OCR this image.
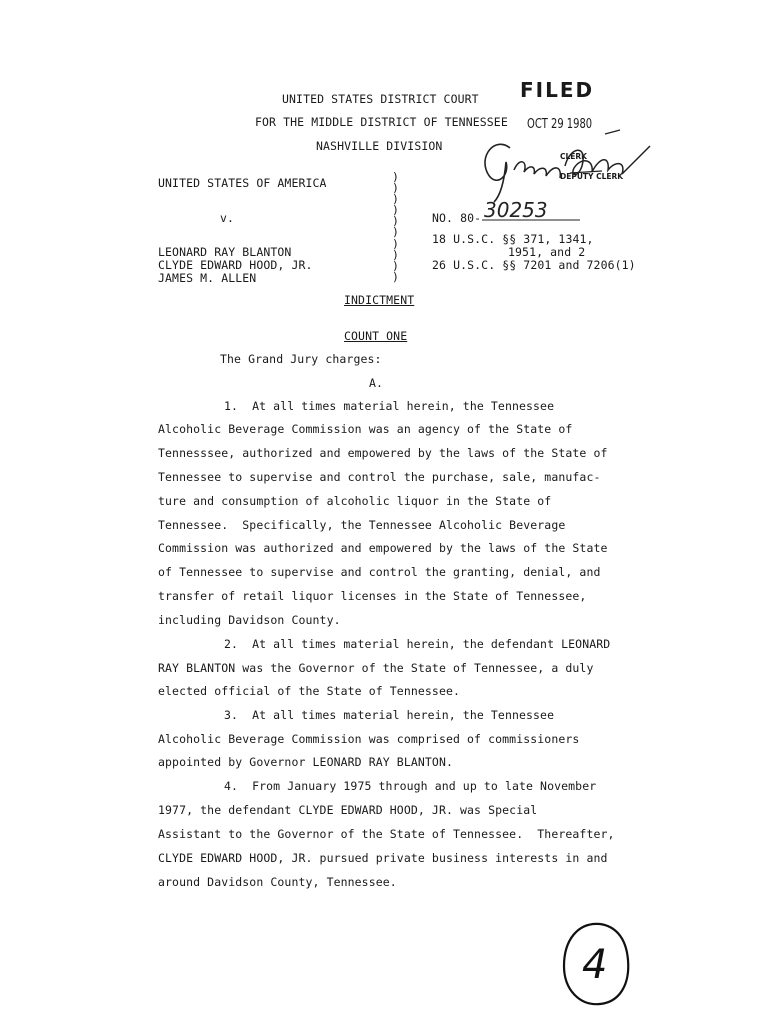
UNITED STATES DISTRICT COURT
FOR THE MIDDLE DISTRICT OF TENNESSEE
NASHVILLE DIVISION
FILED
OCT 29 1980
CLERK
DEPUTY CLERK
UNITED STATES OF AMERICA
v.
LEONARD RAY BLANTON
CLYDE EDWARD HOOD, JR.
JAMES M. ALLEN
)
)
)
)
)
)
)
)
)
)
NO. 80- 30253
18 U.S.C. §§ 371, 1341,
1951, and 2
26 U.S.C. §§ 7201 and 7206(1)
INDICTMENT
COUNT ONE
The Grand Jury charges:
A.
1.  At all times material herein, the Tennessee
Alcoholic Beverage Commission was an agency of the State of
Tennesssee, authorized and empowered by the laws of the State of
Tennessee to supervise and control the purchase, sale, manufac-
ture and consumption of alcoholic liquor in the State of
Tennessee.  Specifically, the Tennessee Alcoholic Beverage
Commission was authorized and empowered by the laws of the State
of Tennessee to supervise and control the granting, denial, and
transfer of retail liquor licenses in the State of Tennessee,
including Davidson County.
2.  At all times material herein, the defendant LEONARD
RAY BLANTON was the Governor of the State of Tennessee, a duly
elected official of the State of Tennessee.
3.  At all times material herein, the Tennessee
Alcoholic Beverage Commission was comprised of commissioners
appointed by Governor LEONARD RAY BLANTON.
4.  From January 1975 through and up to late November
1977, the defendant CLYDE EDWARD HOOD, JR. was Special
Assistant to the Governor of the State of Tennessee.  Thereafter,
CLYDE EDWARD HOOD, JR. pursued private business interests in and
around Davidson County, Tennessee.
4
